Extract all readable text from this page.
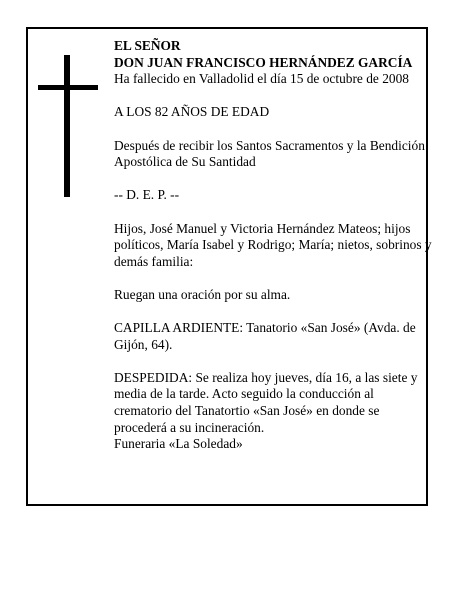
EL SEÑOR

DON JUAN FRANCISCO HERNÁNDEZ GARCÍA

Ha fallecido en Valladolid el día 15 de octubre de 2008

A LOS 82 AÑOS DE EDAD

Después de recibir los Santos Sacramentos y la Bendición Apostólica de Su Santidad

-- D. E. P. --

Hijos, José Manuel y Victoria Hernández Mateos; hijos políticos, María Isabel y Rodrigo; María; nietos, sobrinos y demás familia:

Ruegan una oración por su alma.

CAPILLA ARDIENTE: Tanatorio «San José» (Avda. de Gijón, 64).

DESPEDIDA: Se realiza hoy jueves, día 16, a las siete y media de la tarde. Acto seguido la conducción al crematorio del Tanatortio «San José» en donde se procederá a su incineración.

Funeraria «La Soledad»
